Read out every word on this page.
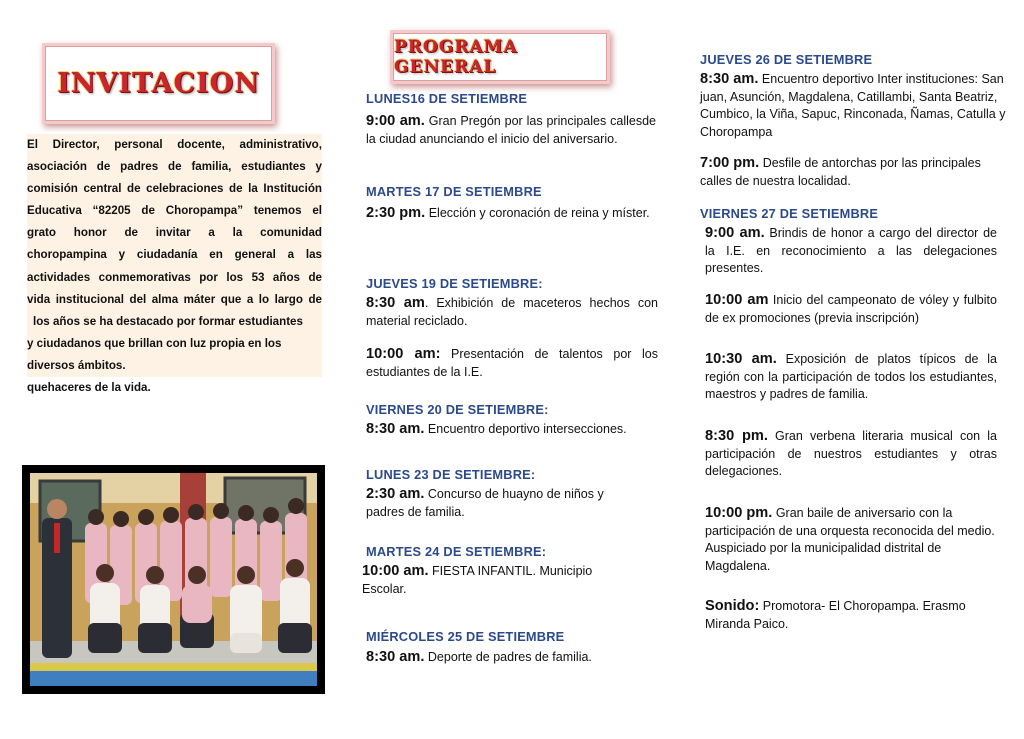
INVITACION

El Director, personal docente, administrativo,

asociación de padres de familia, estudiantes y

comisión central de celebraciones de la Institución

Educativa “82205 de Choropampa” tenemos el

grato honor de invitar a la comunidad

choropampina y ciudadanía en general a las

actividades conmemorativas por los 53 años de

vida institucional del alma máter que a lo largo de

los años se ha destacado por formar estudiantes

y ciudadanos que brillan con luz propia en los

diversos ámbitos.

quehaceres de la vida.

PROGRAMA GENERAL
LUNES16 DE SETIEMBRE
9:00 am. Gran Pregón por las principales callesde la ciudad anunciando el inicio del aniversario.
MARTES 17 DE SETIEMBRE
2:30 pm. Elección y coronación de reina y míster.
JUEVES 19 DE SETIEMBRE:
8:30 am. Exhibición de maceteros hechos con material reciclado.
10:00 am: Presentación de talentos por los estudiantes de la I.E.
VIERNES 20 DE SETIEMBRE:
8:30 am. Encuentro deportivo intersecciones.
LUNES 23 DE SETIEMBRE:
2:30 am. Concurso de huayno de niños y padres de familia.
MARTES 24 DE SETIEMBRE:
10:00 am. FIESTA INFANTIL. Municipio Escolar.
MIÉRCOLES 25 DE SETIEMBRE
8:30 am. Deporte de padres de familia.
JUEVES 26 DE SETIEMBRE
8:30 am. Encuentro deportivo Inter instituciones: San juan, Asunción, Magdalena, Catillambi, Santa Beatriz, Cumbico, la Viña, Sapuc, Rinconada, Ñamas, Catulla y Choropampa
7:00 pm. Desfile de antorchas por las principales calles de nuestra localidad.
VIERNES 27 DE SETIEMBRE
9:00 am. Brindis de honor a cargo del director de la I.E. en reconocimiento a las delegaciones presentes.
10:00 am Inicio del campeonato de vóley y fulbito de ex promociones (previa inscripción)
10:30 am. Exposición de platos típicos de la región con la participación de todos los estudiantes, maestros y padres de familia.
8:30 pm. Gran verbena literaria musical con la participación de nuestros estudiantes y otras delegaciones.
10:00 pm. Gran baile de aniversario con la participación de una orquesta reconocida del medio. Auspiciado por la municipalidad distrital de Magdalena.
Sonido: Promotora- El Choropampa. Erasmo Miranda Paico.
